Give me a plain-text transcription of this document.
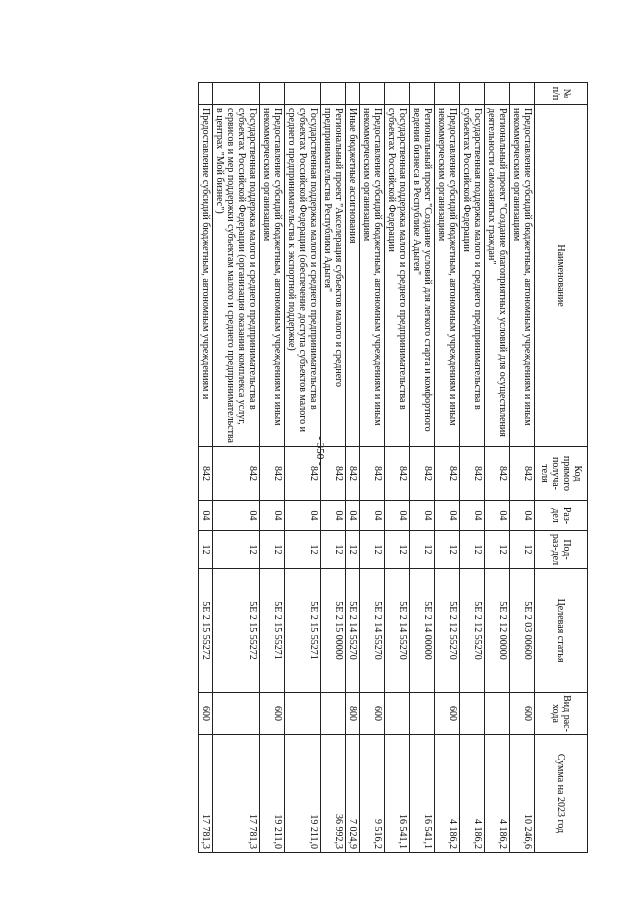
- 350 -
№ п/п	Наименование	Код прямого получа-теля	Раз-дел	Под-раз-дел	Целевая статья	Вид рас-хода	Сумма на 2023 год
	Предоставление субсидий бюджетным, автономным учреждениям и иным некоммерческим организациям	842	04	12	5Е 2 03 00600	600	10 246,6
	Региональный проект "Создание благоприятных условий для осуществления деятельности самозанятых граждан"	842	04	12	5Е 2 12 00000		4 186,2
	Государственная поддержка малого и среднего предпринимательства в субъектах Российской Федерации	842	04	12	5Е 2 12 55270		4 186,2
	Предоставление субсидий бюджетным, автономным учреждениям и иным некоммерческим организациям	842	04	12	5Е 2 12 55270	600	4 186,2
	Региональный проект "Создание условий для легкого старта и комфортного ведения бизнеса в Республике Адыгея"	842	04	12	5Е 2 14 00000		16 541,1
	Государственная поддержка малого и среднего предпринимательства в субъектах Российской Федерации	842	04	12	5Е 2 14 55270		16 541,1
	Предоставление субсидий бюджетным, автономным учреждениям и иным некоммерческим организациям	842	04	12	5Е 2 14 55270	600	9 516,2
	Иные бюджетные ассигнования	842	04	12	5Е 2 14 55270	800	7 024,9
	Региональный проект "Акселерация субъектов малого и среднего предпринимательства Республики Адыгея"	842	04	12	5Е 2 15 00000		36 992,3
	Государственная поддержка малого и среднего предпринимательства в субъектах Российской Федерации (обеспечение доступа субъектов малого и среднего предпринимательства к экспортной поддержке)	842	04	12	5Е 2 15 55271		19 211,0
	Предоставление субсидий бюджетным, автономным учреждениям и иным некоммерческим организациям	842	04	12	5Е 2 15 55271	600	19 211,0
	Государственная поддержка малого и среднего предпринимательства в субъектах Российской Федерации (организация оказания комплекса услуг, сервисов и мер поддержки субъектам малого и среднего предпринимательства в центрах "Мой бизнес")	842	04	12	5Е 2 15 55272		17 781,3
	Предоставление субсидий бюджетным, автономным учреждениям и	842	04	12	5Е 2 15 55272	600	17 781,3
